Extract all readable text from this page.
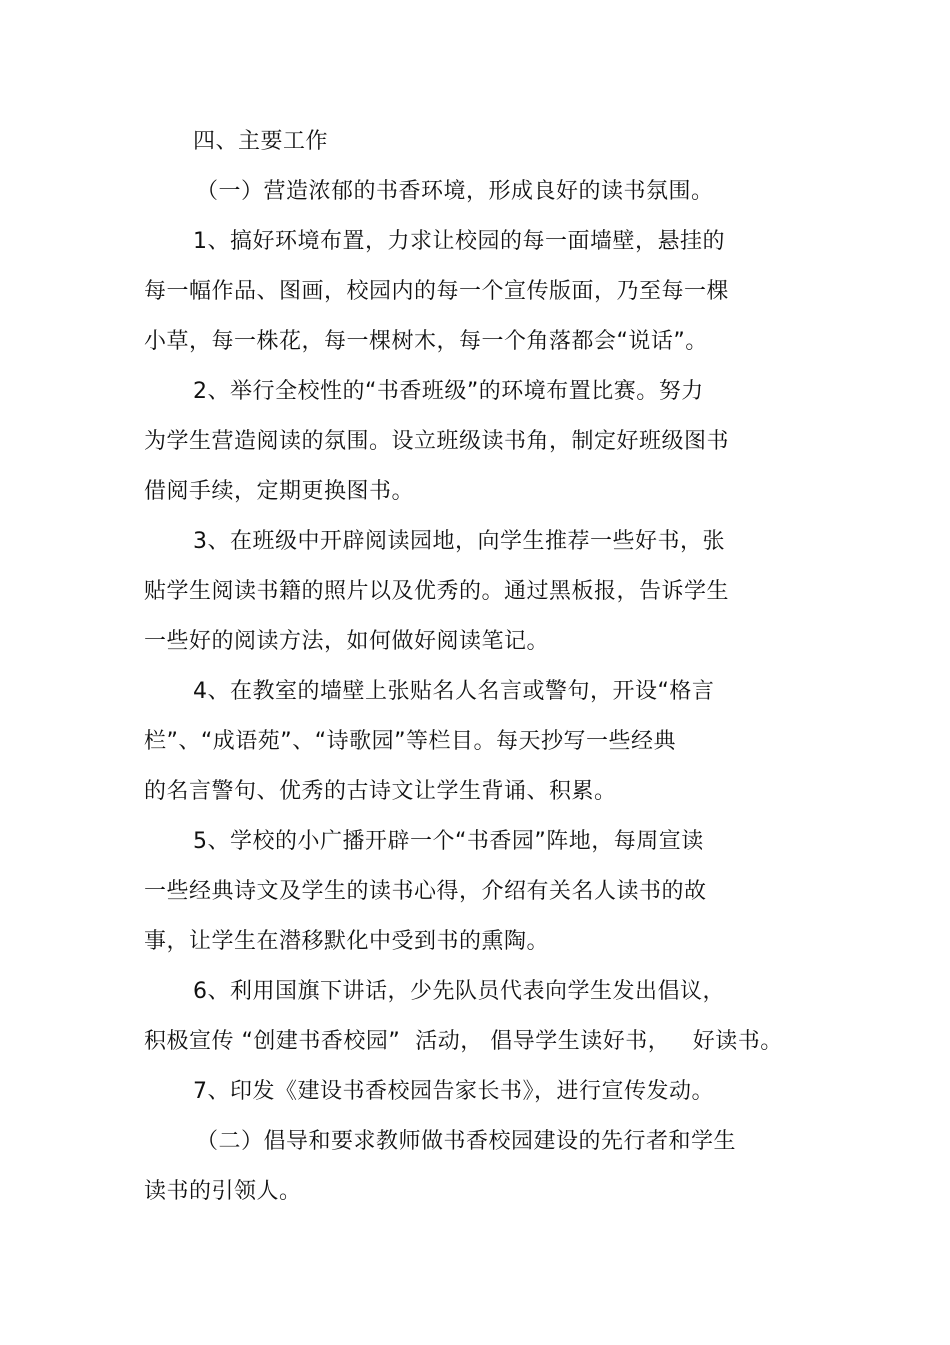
四、主要工作
（一）营造浓郁的书香环境，形成良好的读书氛围。
1、搞好环境布置，力求让校园的每一面墙壁，悬挂的
每一幅作品、图画，校园内的每一个宣传版面，乃至每一棵
小草，每一株花，每一棵树木，每一个角落都会“说话”。
2、举行全校性的“书香班级”的环境布置比赛。努力
为学生营造阅读的氛围。设立班级读书角，制定好班级图书
借阅手续，定期更换图书。
3、在班级中开辟阅读园地，向学生推荐一些好书，张
贴学生阅读书籍的照片以及优秀的。通过黑板报，告诉学生
一些好的阅读方法，如何做好阅读笔记。
4、在教室的墙壁上张贴名人名言或警句，开设“格言
栏”、“成语苑”、“诗歌园”等栏目。每天抄写一些经典
的名言警句、优秀的古诗文让学生背诵、积累。
5、学校的小广播开辟一个“书香园”阵地，每周宣读
一些经典诗文及学生的读书心得，介绍有关名人读书的故
事，让学生在潜移默化中受到书的熏陶。
6、利用国旗下讲话，少先队员代表向学生发出倡议，
积极宣传 “创建书香校园”  活动， 倡导学生读好书，   好读书。
7、印发《建设书香校园告家长书》，进行宣传发动。
（二）倡导和要求教师做书香校园建设的先行者和学生
读书的引领人。
